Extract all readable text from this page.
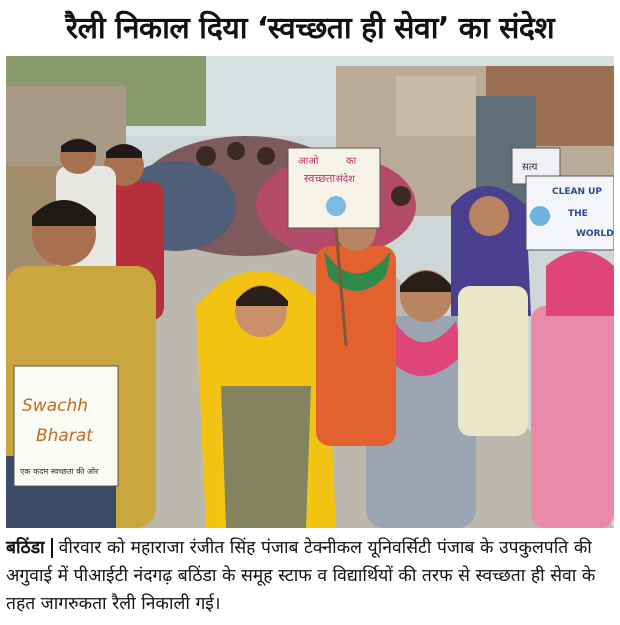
रैली निकाल दिया ‘स्वच्छता ही सेवा’ का संदेश
Swachh
Bharat
एक कदम स्वच्छता की ओर
आओ
स्वच्छता
का
संदेश
सत्य
CLEAN UP
THE
WORLD
बठिंडा वीरवार को महाराजा रंजीत सिंह पंजाब टेक्नीकल यूनिवर्सिटी पंजाब के उपकुलपति की अगुवाई में पीआईटी नंदगढ़ बठिंडा के समूह स्टाफ व विद्यार्थियों की तरफ से स्वच्छता ही सेवा के तहत जागरुकता रैली निकाली गई।
